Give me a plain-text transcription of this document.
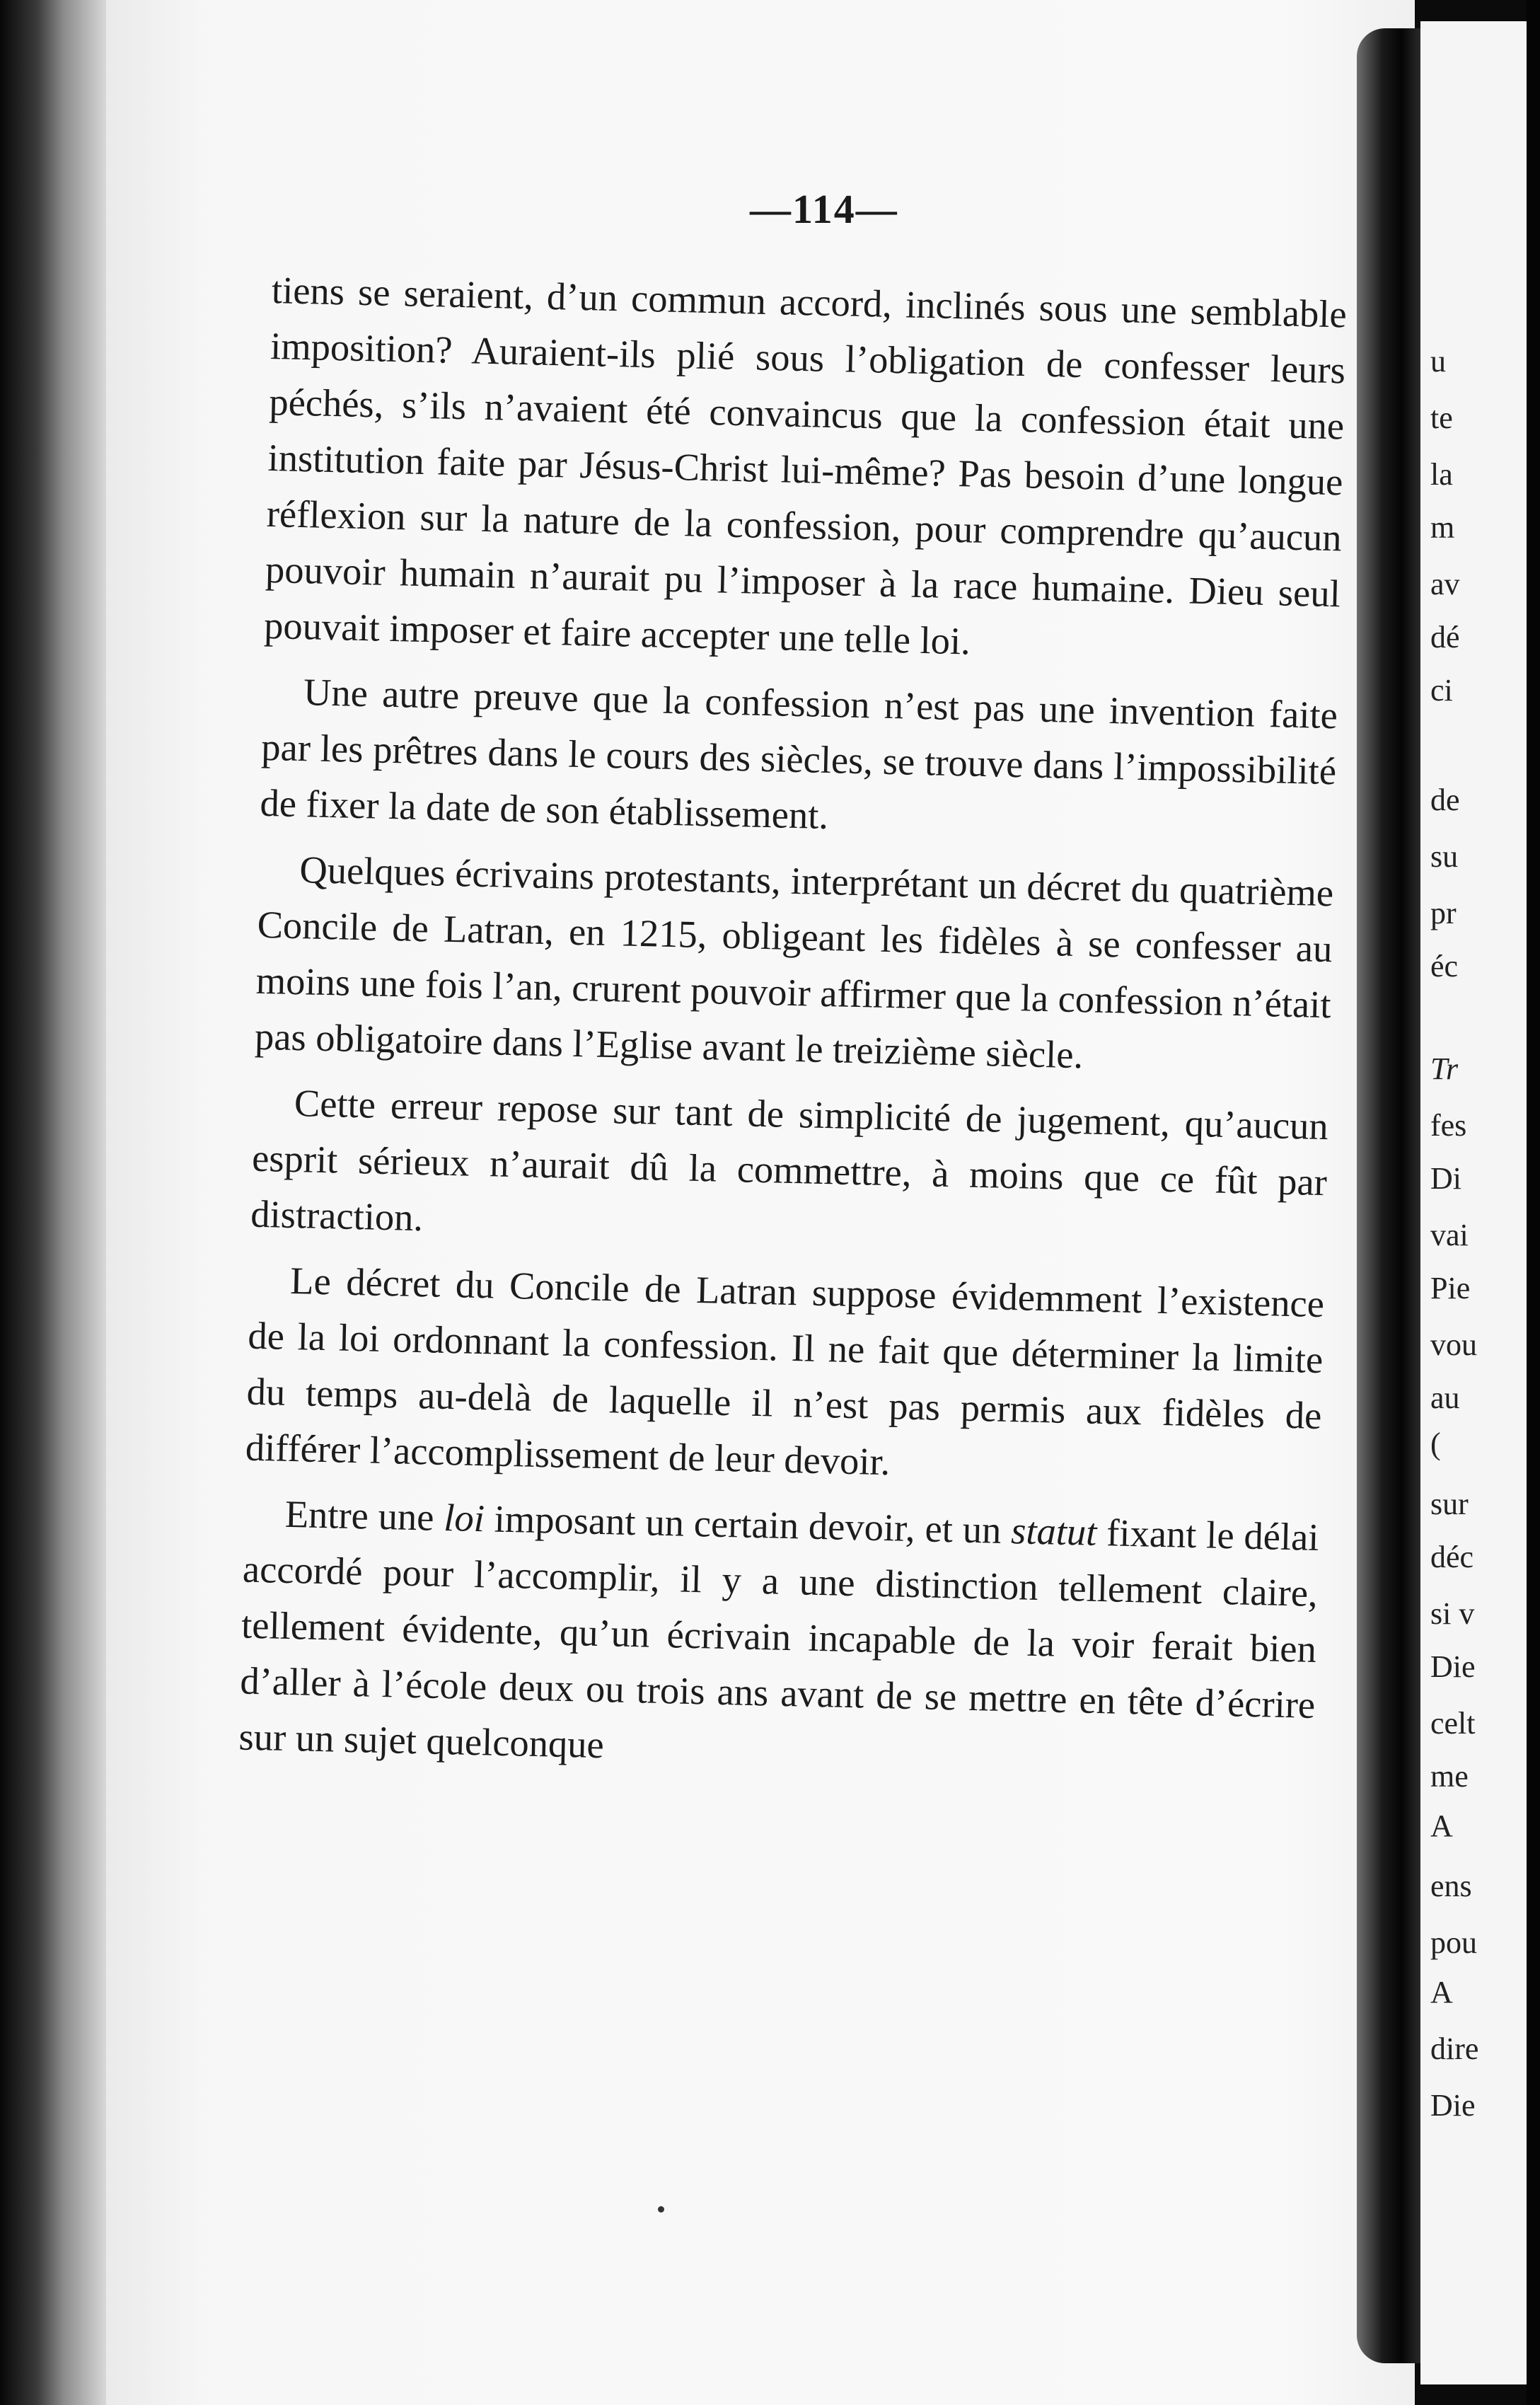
—114—

tiens se seraient, d’un commun accord, inclinés sous une semblable imposition? Auraient-ils plié sous l’obligation de confesser leurs péchés, s’ils n’avaient été convaincus que la confession était une institution faite par Jésus-Christ lui-même? Pas besoin d’une longue réflexion sur la nature de la confession, pour comprendre qu’aucun pouvoir humain n’aurait pu l’imposer à la race humaine. Dieu seul pouvait imposer et faire accepter une telle loi.

Une autre preuve que la confession n’est pas une invention faite par les prêtres dans le cours des siècles, se trouve dans l’impossibilité de fixer la date de son établissement.

Quelques écrivains protestants, interprétant un décret du quatrième Concile de Latran, en 1215, obligeant les fidèles à se confesser au moins une fois l’an, crurent pouvoir affirmer que la confession n’était pas obligatoire dans l’Eglise avant le treizième siècle.

Cette erreur repose sur tant de simplicité de jugement, qu’aucun esprit sérieux n’aurait dû la commettre, à moins que ce fût par distraction.

Le décret du Concile de Latran suppose évidemment l’existence de la loi ordonnant la confession. Il ne fait que déterminer la limite du temps au-delà de laquelle il n’est pas permis aux fidèles de différer l’accomplissement de leur devoir.

Entre une loi imposant un certain devoir, et un statut fixant le délai accordé pour l’accomplir, il y a une distinction tellement claire, tellement évidente, qu’un écrivain incapable de la voir ferait bien d’aller à l’école deux ou trois ans avant de se mettre en tête d’écrire sur un sujet quelconque

u
te
la
m
av
dé
ci
de
su
pr
éc
Tr
fes
Di
vai
Pie
vou
au
(
sur
déc
si v
Die
celt
me
A
ens
pou
A
dire
Die
